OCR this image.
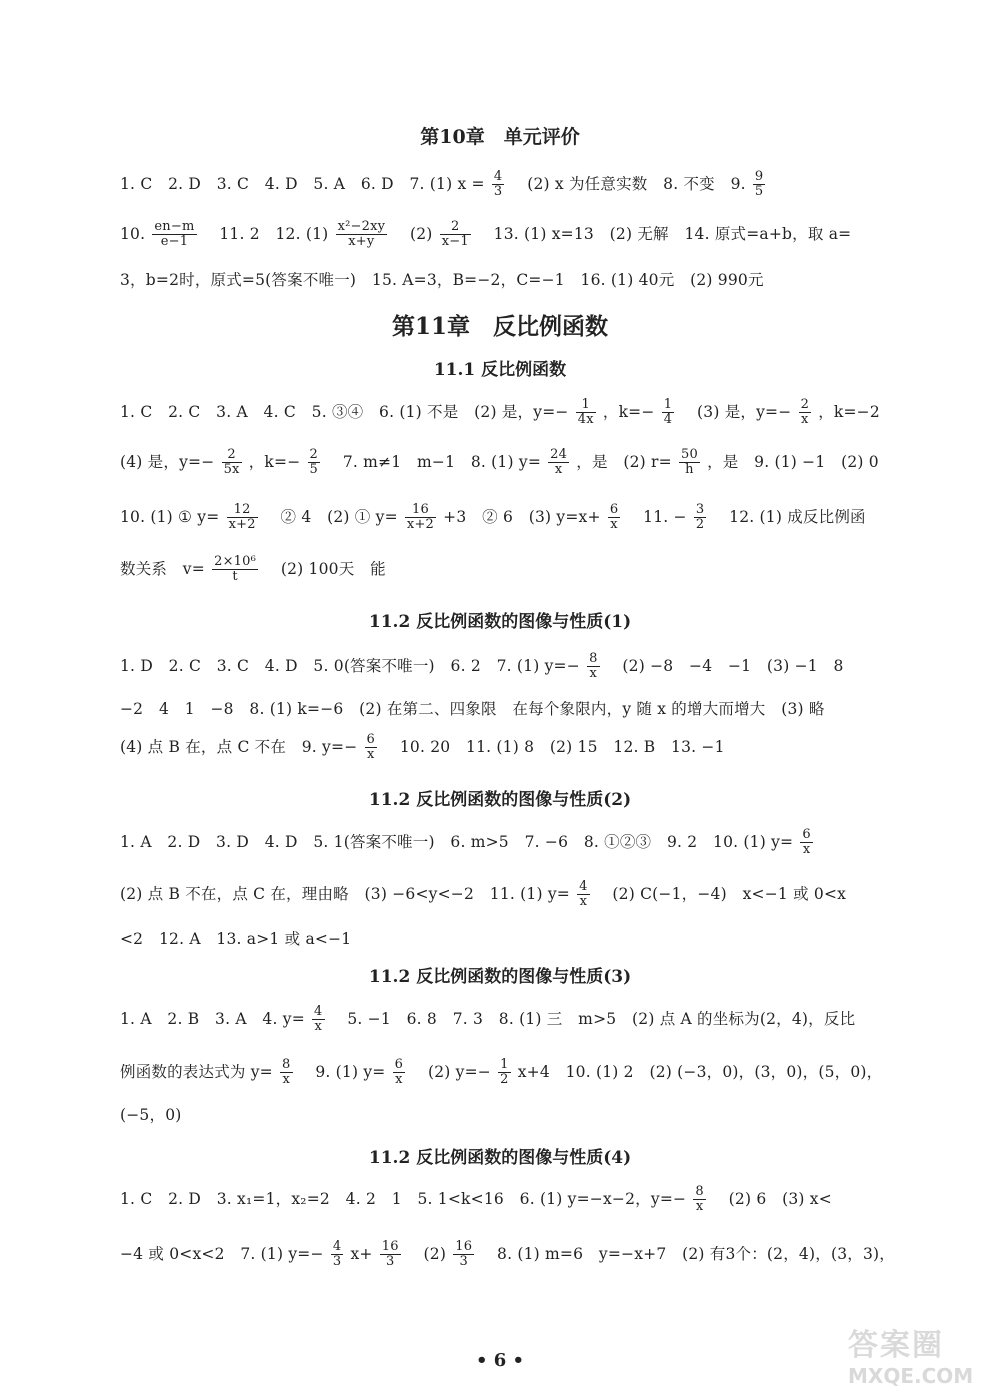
第10章　单元评价
1. C　2. D　3. C　4. D　5. A　6. D　7. (1) $x = \frac{4}{3}$ 　(2) x 为任意实数　8. 不变　9. $\frac{9}{5}$
10. $\frac{en-m}{e-1}$ 　11. 2　12. $(1) \frac{\text{x²−2xy}}{x+y}$ 　$(2) \frac{2}{x-1}$ 　13. (1) x=13　(2) 无解　14. 原式=a+b，取 a=
3，b=2时，原式=5(答案不唯一)　15. A=3，B=−2，C=−1　16. (1) 40元　(2) 990元
第11章　反比例函数
11.1 反比例函数
1. C　2. C　3. A　4. C　5. ③④　6. (1) 不是　(2) 是，$y=- \frac{1}{4x}$ ，$k=- \frac{1}{4}$ 　(3) 是，$y=- \frac{2}{x}$ ，k=−2
(4) 是，$y=- \frac{2}{5x}$ ，$k=- \frac{2}{5}$ 　7. m≠1　m−1　8. (1) $y= \frac{24}{x}$ ，是　(2) $r= \frac{50}{h}$ ，是　9. (1) −1　(2) 0
10. (1) ① $y= \frac{12}{x+2}$ 　② 4　(2) ① $y= \frac{16}{x+2} +3$　② 6　(3) $y=x+ \frac{6}{x}$ 　11. − $\frac{3}{2}$ 　12. (1) 成反比例函
数关系　$v= \frac{\text{2×10⁶}}{t}$ 　(2) 100天　能
11.2 反比例函数的图像与性质(1)
1. D　2. C　3. C　4. D　5. 0(答案不唯一)　6. 2　7. (1) $y=- \frac{8}{x}$ 　(2) −8　−4　−1　(3) −1　8
−2　4　1　−8　8. (1) k=−6　(2) 在第二、四象限　在每个象限内，y 随 x 的增大而增大　(3) 略
(4) 点 B 在，点 C 不在　9. $y=- \frac{6}{x}$ 　10. 20　11. (1) 8　(2) 15　12. B　13. −1
11.2 反比例函数的图像与性质(2)
1. A　2. D　3. D　4. D　5. 1(答案不唯一)　6. m>5　7. −6　8. ①②③　9. 2　10. (1) $y= \frac{6}{x}$
(2) 点 B 不在，点 C 在，理由略　(3) −6<y<−2　11. (1) $y= \frac{4}{x}$ 　(2) C(−1，−4)　x<−1 或 0<x
<2　12. A　13. a>1 或 a<−1
11.2 反比例函数的图像与性质(3)
1. A　2. B　3. A　4. $y= \frac{4}{x}$ 　5. −1　6. 8　7. 3　8. (1) 三　m>5　(2) 点 A 的坐标为(2，4)，反比
例函数的表达式为 $y= \frac{8}{x}$ 　9. (1) $y= \frac{6}{x}$ 　(2) $y=- \frac{1}{2} x+4$　10. (1) 2　(2) (−3，0)，(3，0)，(5，0)，
(−5，0)
11.2 反比例函数的图像与性质(4)
1. C　2. D　3. x₁=1，x₂=2　4. 2　1　5. 1<k<16　6. (1) y=−x−2，$y=- \frac{8}{x}$ 　(2) 6　(3) x<
−4 或 0<x<2　7. (1) $y=- \frac{4}{3} x+ \frac{16}{3}$ 　$(2) \frac{16}{3}$ 　8. (1) m=6　y=−x+7　(2) 有3个：(2，4)，(3，3)，
• 6 •	答案圈
MXQE.COM
